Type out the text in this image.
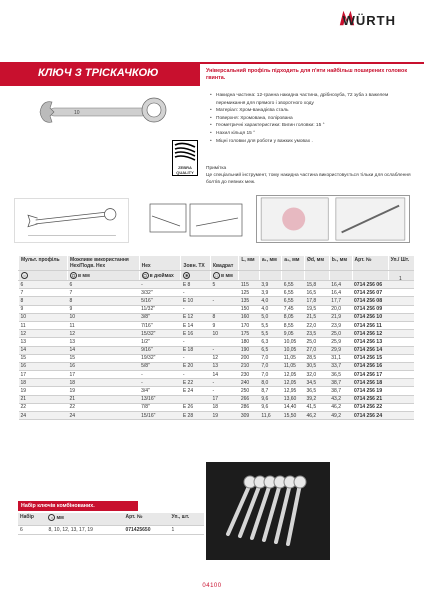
WÜRTH
КЛЮЧ З ТРІСКАЧКОЮ	Універсальний профіль підходить для п'яти найбільш поширених головок гвинта.
• Накидна частина: 12-гранна накидна частина, дрібнозуба, 72 зуба з важелем перемикання для прямого і зворотного ходу
• Матеріал: Хром-ванадієва сталь
• Поверхня: Хромована, полірована
• Геометричні характеристики: Вигин головки: 15 °
• Нахил кільця 15 °
• Міцні головки для роботи у важких умовах .
Примітка
Це спеціальний інструмент, тому накидна частина використовується тільки для ослаблення болтів до певних меж.
10
ZEBRA QUALITY
Мульт. профіль	Можливе використання
Нех/Подв. Нех	Нех	Зовн. TX	Квадрат	L, мм	a₁, мм	a₂, мм	Ød, мм	b₁, мм	Арт. №	Уп./ Шт.
○	⬡ в мм	⬡ в дюймах	✻	□ в мм							
6	6	-	E 8	5	115	3,9	6,55	15,8	16,4	0714 256 06	
7	7	3/32"	-		125	3,9	6,55	16,5	16,4	0714 256 07	
8	8	5/16"	E 10	-	135	4,0	6,55	17,8	17,7	0714 256 08	
9	9	11/32"	-		150	4,0	7,45	19,5	20,0	0714 256 09	
10	10	3/8"	E 12	8	160	5,0	8,05	21,5	21,9	0714 256 10	
11	11	7/16"	E 14	9	170	5,5	8,55	22,0	23,9	0714 256 11	
12	12	15/32"	E 16	10	175	5,5	9,05	23,5	25,0	0714 256 12	
13	13	1/2"	-		180	6,3	10,05	25,0	25,9	0714 256 13	
14	14	9/16"	E 18	-	190	6,5	10,05	27,0	29,9	0714 256 14	
15	15	19/32"	-	12	200	7,0	11,05	28,5	31,1	0714 256 15	
16	16	5/8"	E 20	13	210	7,0	11,05	30,5	33,7	0714 256 16	
17	17	-	-	14	230	7,0	12,05	32,0	36,5	0714 256 17	
18	18	-	E 22	-	240	8,0	12,05	34,5	38,7	0714 256 18	
19	19	3/4"	E 24	-	250	8,7	12,95	36,5	38,7	0714 256 19	
21	21	13/16"		17	266	9,6	13,60	39,2	43,2	0714 256 21	
22	22	7/8"	E 26	18	286	9,6	14,40	41,5	46,2	0714 256 22	
24	24	15/16"	E 28	19	309	11,6	15,50	46,2	49,2	0714 256 24	
1
Набір ключів комбінованих.
Набір	○ мм	Арт. №	Уп., шт.
6	8, 10, 12, 13, 17, 19	071425650	1
04100
